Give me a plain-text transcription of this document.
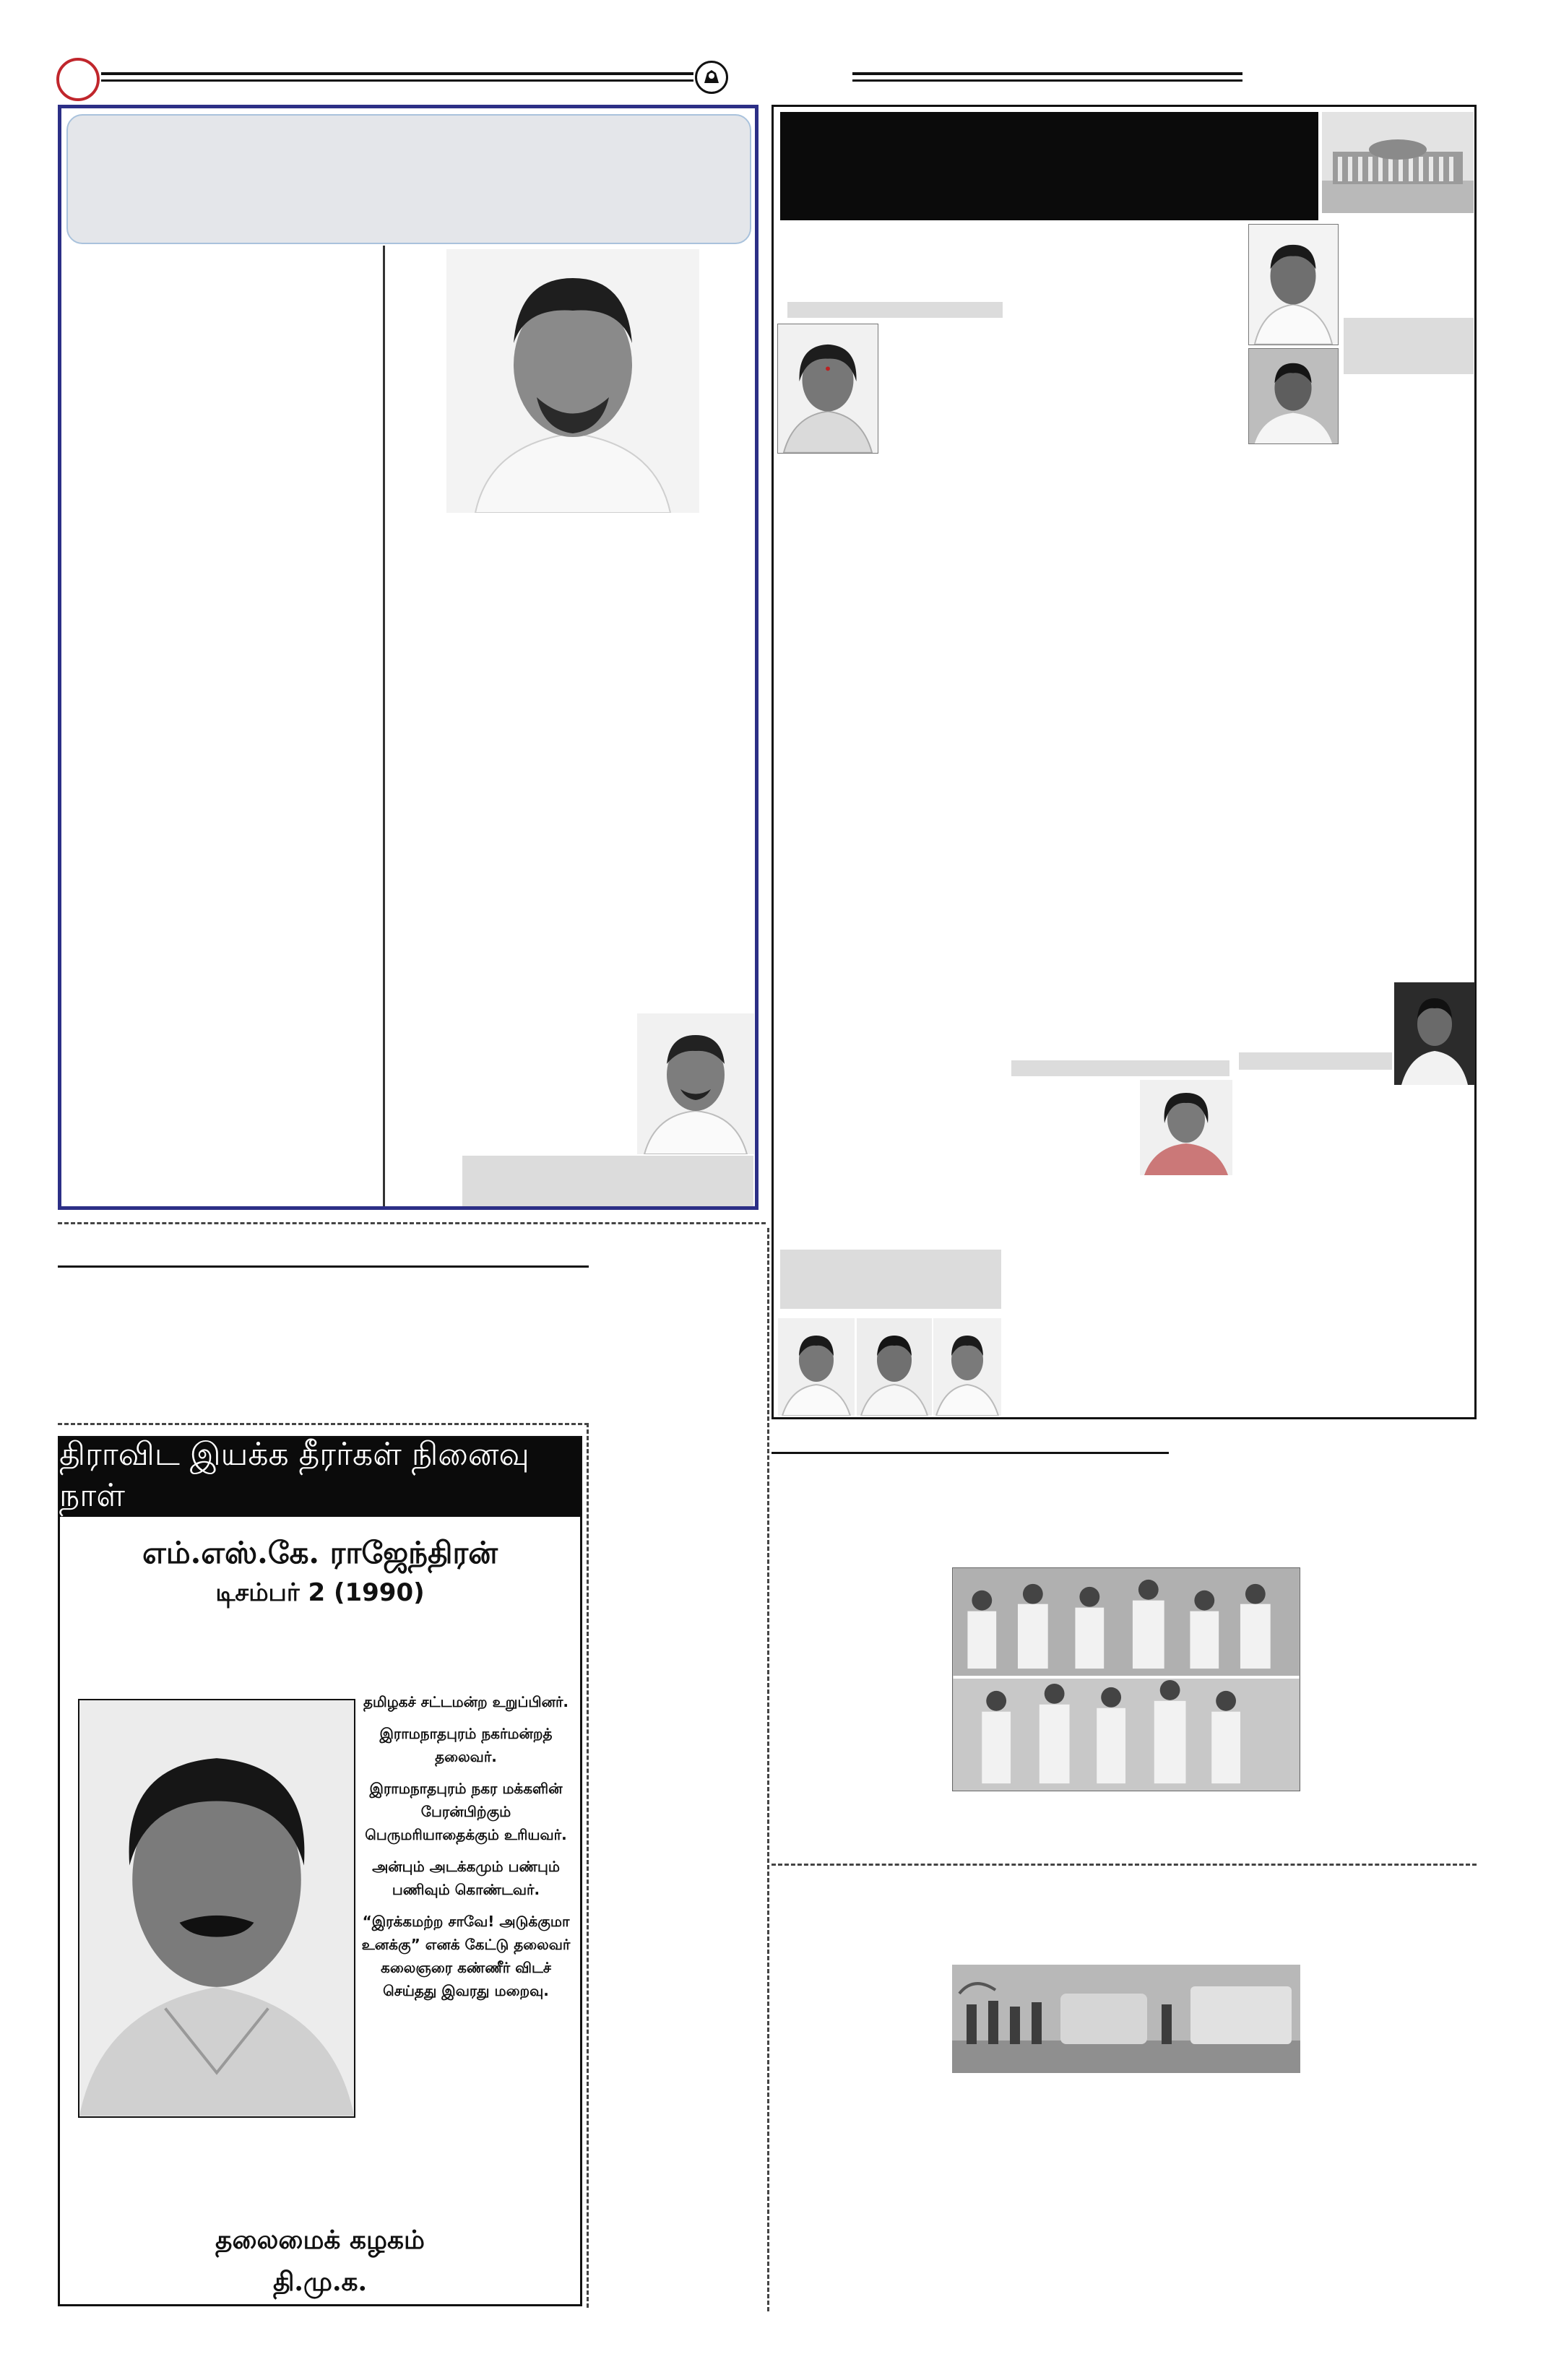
திராவிட இயக்க தீரர்கள் நினைவு நாள்
எம்.எஸ்.கே. ராஜேந்திரன்
டிசம்பர் 2 (1990)

தமிழகச் சட்டமன்ற உறுப்பினர்.

இராமநாதபுரம் நகர்மன்றத் தலைவர்.

இராமநாதபுரம் நகர மக்களின் பேரன்பிற்கும் பெருமரியாதைக்கும் உரியவர்.

அன்பும் அடக்கமும் பண்பும் பணிவும் கொண்டவர்.

“இரக்கமற்ற சாவே! அடுக்குமா உனக்கு” எனக் கேட்டு தலைவர் கலைஞரை கண்ணீர் விடச் செய்தது இவரது மறைவு.

தலைமைக் கழகம்
தி.மு.க.
